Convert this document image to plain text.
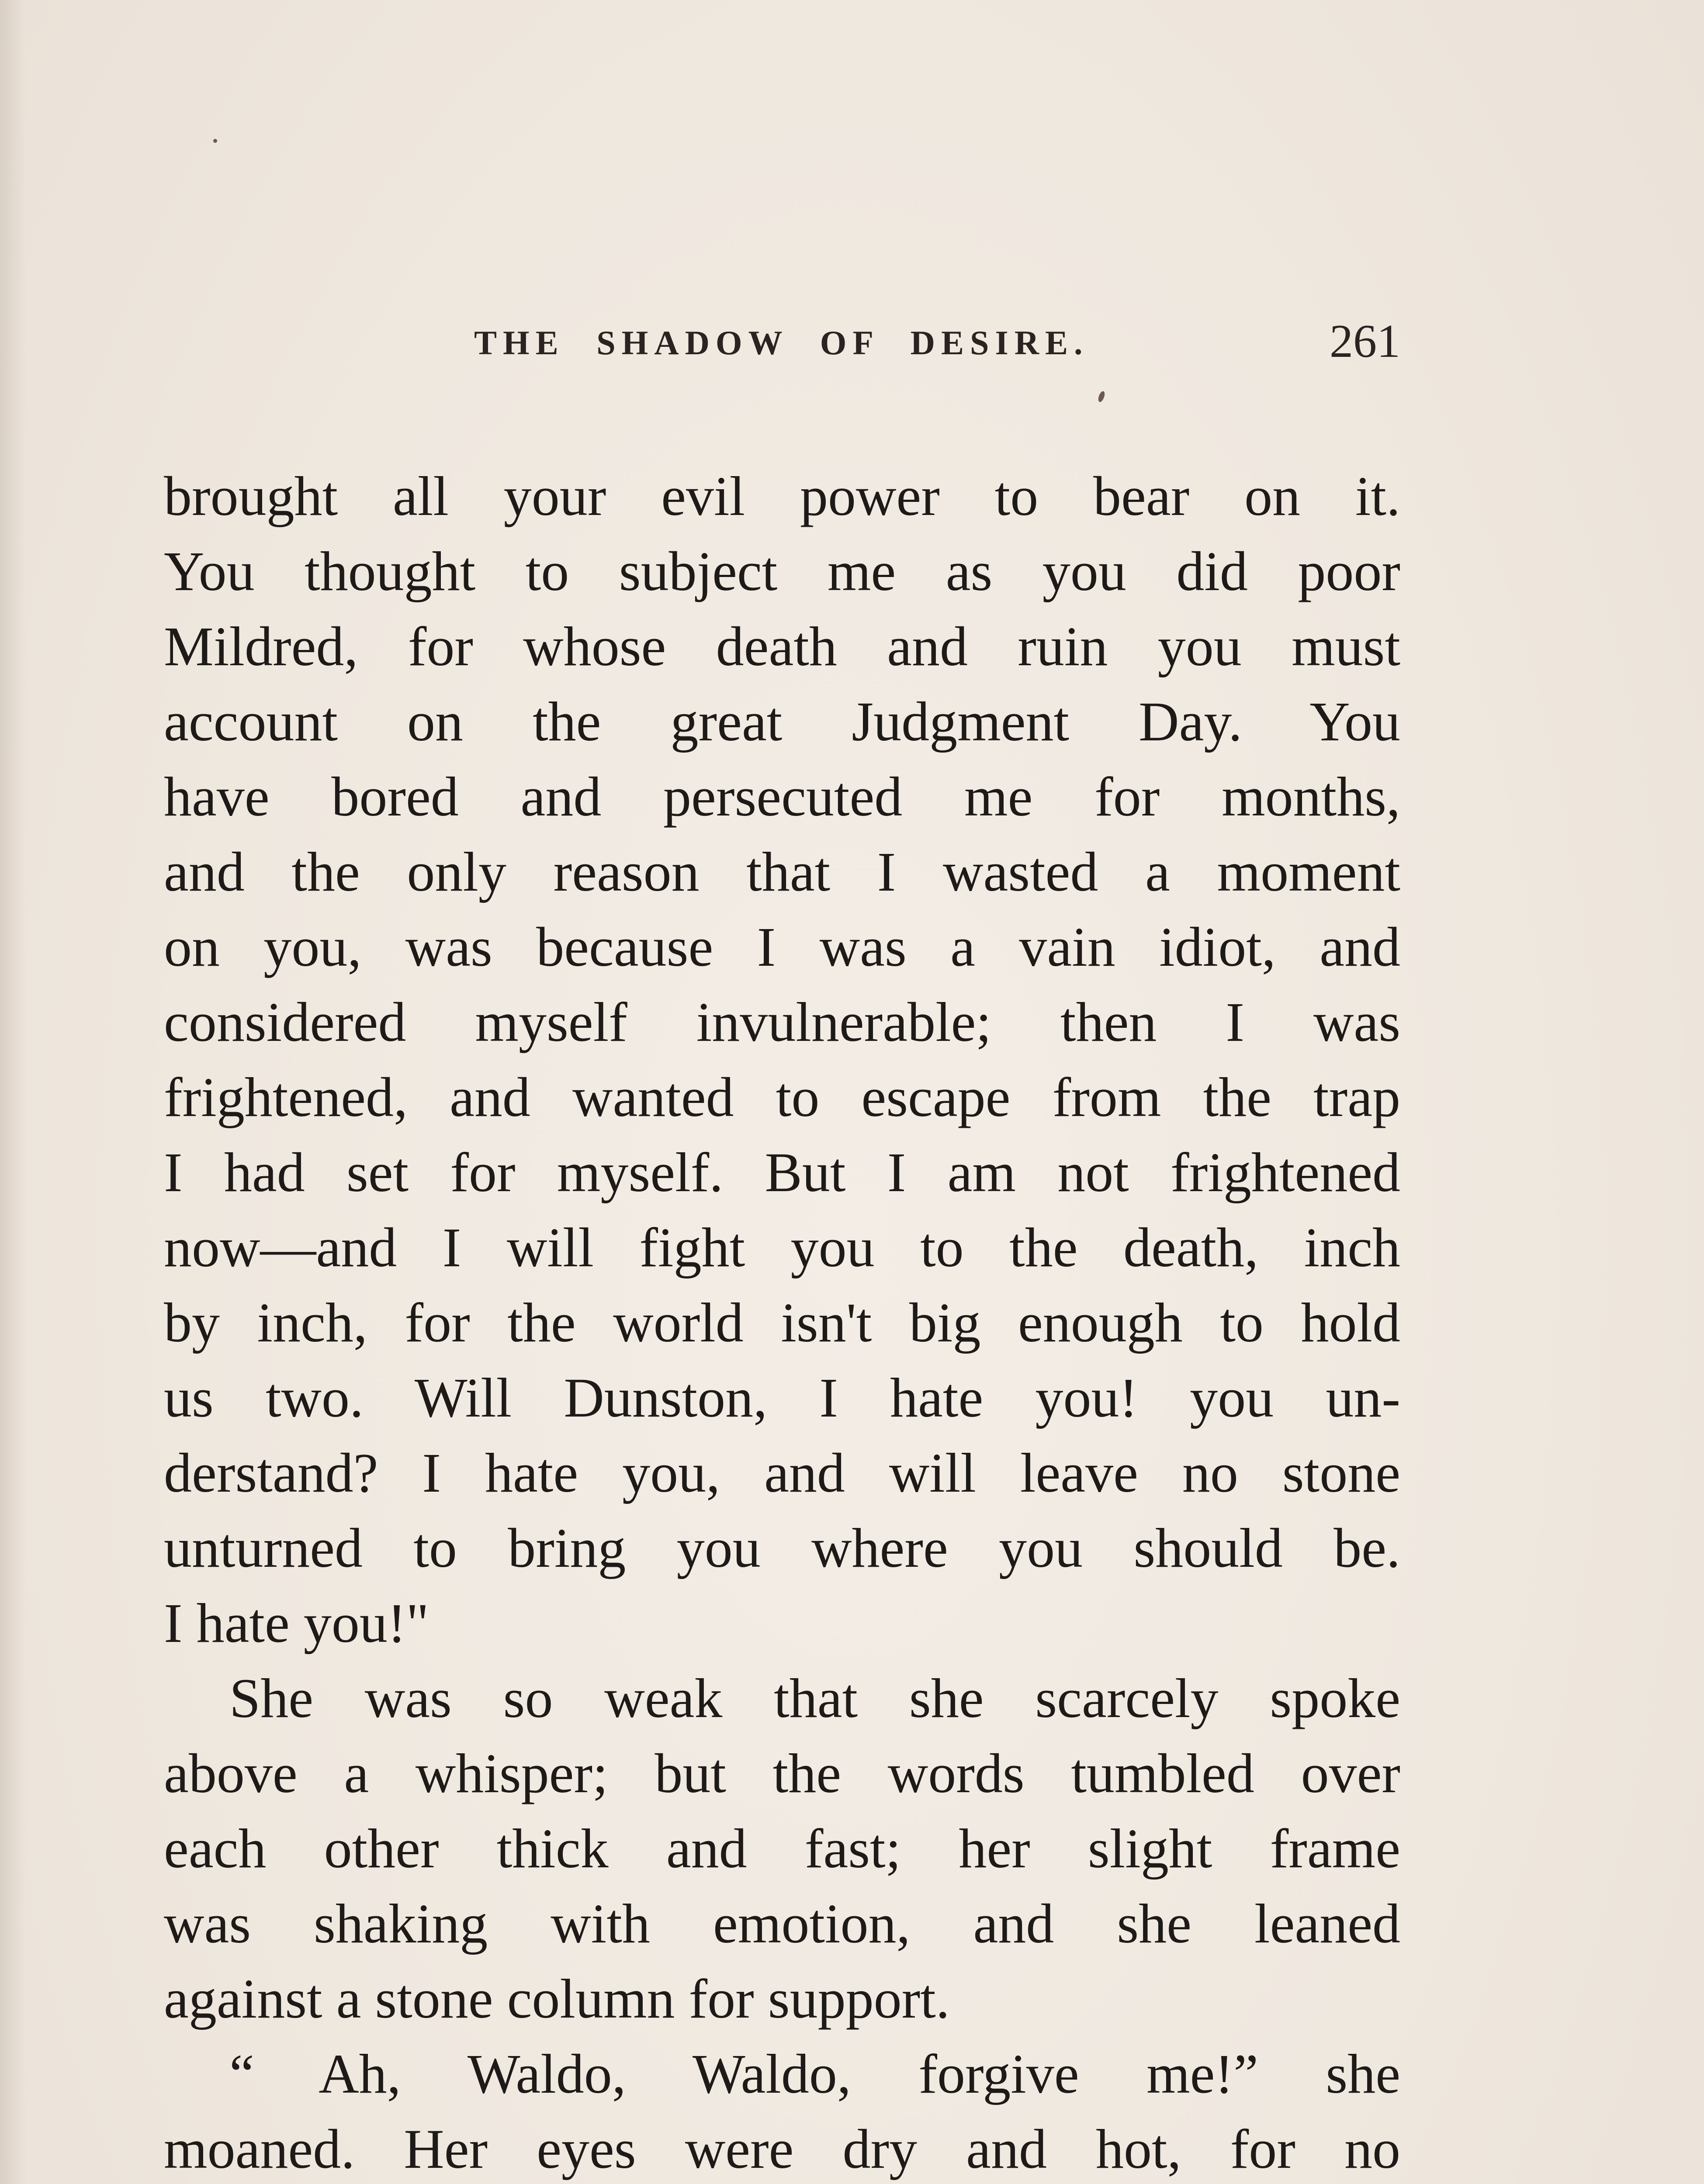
THE SHADOW OF DESIRE.	261
brought all your evil power to bear on it.
You thought to subject me as you did poor
Mildred, for whose death and ruin you must
account on the great Judgment Day. You
have bored and persecuted me for months,
and the only reason that I wasted a moment
on you, was because I was a vain idiot, and
considered myself invulnerable; then I was
frightened, and wanted to escape from the trap
I had set for myself. But I am not frightened
now—and I will fight you to the death, inch
by inch, for the world isn't big enough to hold
us two. Will Dunston, I hate you! you un-
derstand? I hate you, and will leave no stone
unturned to bring you where you should be.
I hate you!"
She was so weak that she scarcely spoke
above a whisper; but the words tumbled over
each other thick and fast; her slight frame
was shaking with emotion, and she leaned
against a stone column for support.
“ Ah, Waldo, Waldo, forgive me!” she
moaned. Her eyes were dry and hot, for no
